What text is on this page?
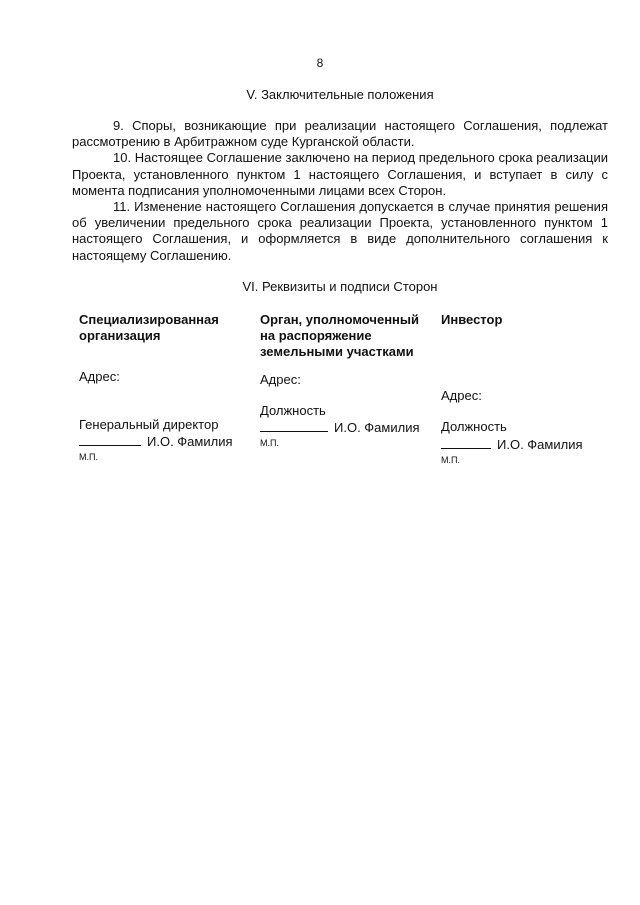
8
V. Заключительные положения

9. Споры, возникающие при реализации настоящего Соглашения, подлежат рассмотрению в Арбитражном суде Курганской области.

10. Настоящее Соглашение заключено на период предельного срока реализации Проекта, установленного пунктом 1 настоящего Соглашения, и вступает в силу с момента подписания уполномоченными лицами всех Сторон.

11. Изменение настоящего Соглашения допускается в случае принятия решения об увеличении предельного срока реализации Проекта, установленного пунктом 1 настоящего Соглашения, и оформляется в виде дополнительного соглашения к настоящему Соглашению.

VI. Реквизиты и подписи Сторон

Специализированная организация

Адрес:

Генеральный директор

И.О. Фамилия

М.П.

Орган, уполномоченный на распоряжение земельными участками

Адрес:

Должность

И.О. Фамилия

М.П.

Инвестор

Адрес:

Должность

И.О. Фамилия

М.П.
